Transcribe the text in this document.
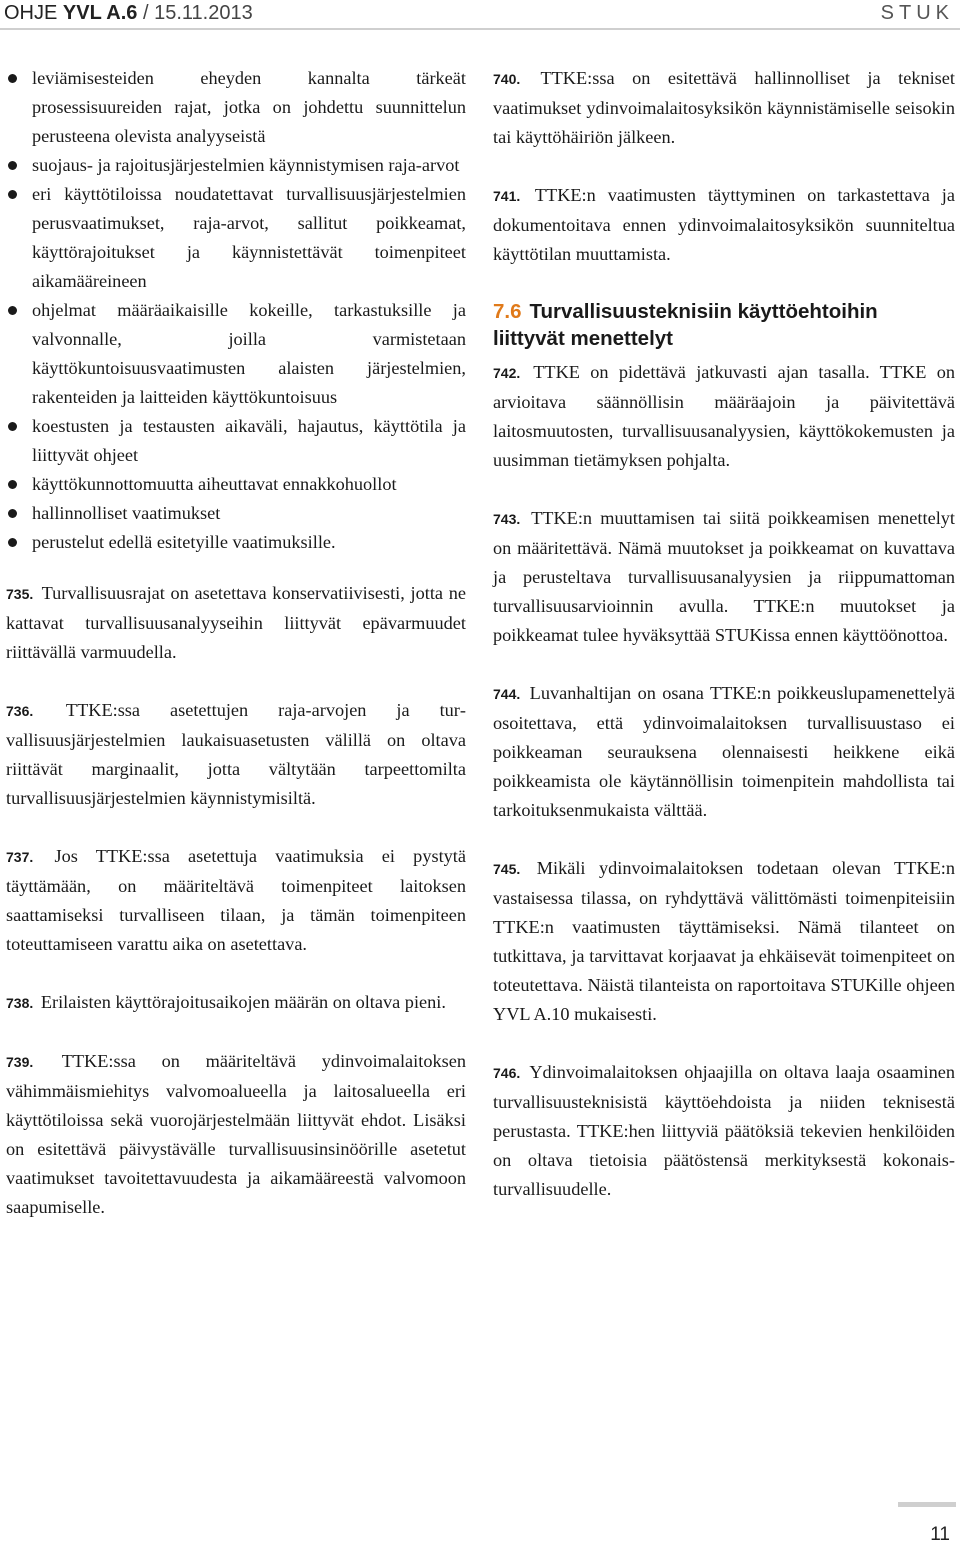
OHJE YVL A.6 / 15.11.2013	STUK
leviämisesteiden eheyden kannalta tärkeät prosessisuureiden rajat, jotka on johdettu suunnittelun perusteena olevista analyyseistä
suojaus- ja rajoitusjärjestelmien käynnistymisen raja-arvot
eri käyttötiloissa noudatettavat turvallisuusjärjestelmien perusvaatimukset, raja-arvot, sallitut poikkeamat, käyttörajoitukset ja käynnistettävät toimenpiteet aikamääreineen
ohjelmat määräaikaisille kokeille, tarkastuksille ja valvonnalle, joilla varmistetaan käyttökuntoisuusvaatimusten alaisten järjestelmien, rakenteiden ja laitteiden käyttökuntoisuus
koestusten ja testausten aikaväli, hajautus, käyttötila ja liittyvät ohjeet
käyttökunnottomuutta aiheuttavat ennakkohuollot
hallinnolliset vaatimukset
perustelut edellä esitetyille vaatimuksille.

735. Turvallisuusrajat on asetettava konservatiivisesti, jotta ne kattavat turvallisuusanalyyseihin liittyvät epävarmuudet riittävällä varmuudella.

736. TTKE:ssa asetettujen raja-arvojen ja turvallisuusjärjestelmien laukaisuasetusten välillä on oltava riittävät marginaalit, jotta vältytään tarpeettomilta turvallisuusjärjestelmien käynnistymisiltä.

737. Jos TTKE:ssa asetettuja vaatimuksia ei pystytä täyttämään, on määriteltävä toimenpiteet laitoksen saattamiseksi turvalliseen tilaan, ja tämän toimenpiteen toteuttamiseen varattu aika on asetettava.

738. Erilaisten käyttörajoitusaikojen määrän on oltava pieni.

739. TTKE:ssa on määriteltävä ydinvoimalaitoksen vähimmäismiehitys valvomoalueella ja laitosalueella eri käyttötiloissa sekä vuorojärjestelmään liittyvät ehdot. Lisäksi on esitettävä päivystävälle turvallisuusinsinöörille asetetut vaatimukset tavoitettavuudesta ja aikamääreestä valvomoon saapumiselle.

740. TTKE:ssa on esitettävä hallinnolliset ja tekniset vaatimukset ydinvoimalaitosyksikön käynnistämiselle seisokin tai käyttöhäiriön jälkeen.

741. TTKE:n vaatimusten täyttyminen on tarkastettava ja dokumentoitava ennen ydinvoimalaitosyksikön suunniteltua käyttötilan muuttamista.

7.6 Turvallisuusteknisiin käyttöehtoihin liittyvät menettelyt

742. TTKE on pidettävä jatkuvasti ajan tasalla. TTKE on arvioitava säännöllisin määräajoin ja päivitettävä laitosmuutosten, turvallisuusanalyysien, käyttökokemusten ja uusimman tietämyksen pohjalta.

743. TTKE:n muuttamisen tai siitä poikkeamisen menettelyt on määritettävä. Nämä muutokset ja poikkeamat on kuvattava ja perusteltava turvallisuusanalyysien ja riippumattoman turvallisuusarvioinnin avulla. TTKE:n muutokset ja poikkeamat tulee hyväksyttää STUKissa ennen käyttöönottoa.

744. Luvanhaltijan on osana TTKE:n poikkeuslupamenettelyä osoitettava, että ydinvoimalaitoksen turvallisuustaso ei poikkeaman seurauksena olennaisesti heikkene eikä poikkeamista ole käytännöllisin toimenpitein mahdollista tai tarkoituksenmukaista välttää.

745. Mikäli ydinvoimalaitoksen todetaan olevan TTKE:n vastaisessa tilassa, on ryhdyttävä välittömästi toimenpiteisiin TTKE:n vaatimusten täyttämiseksi. Nämä tilanteet on tutkittava, ja tarvittavat korjaavat ja ehkäisevät toimenpiteet on toteutettava. Näistä tilanteista on raportoitava STUKille ohjeen YVL A.10 mukaisesti.

746. Ydinvoimalaitoksen ohjaajilla on oltava laaja osaaminen turvallisuusteknisistä käyttöehdoista ja niiden teknisestä perustasta. TTKE:hen liittyviä päätöksiä tekevien henkilöiden on oltava tietoisia päätöstensä merkityksestä kokonaisturvallisuudelle.

11
